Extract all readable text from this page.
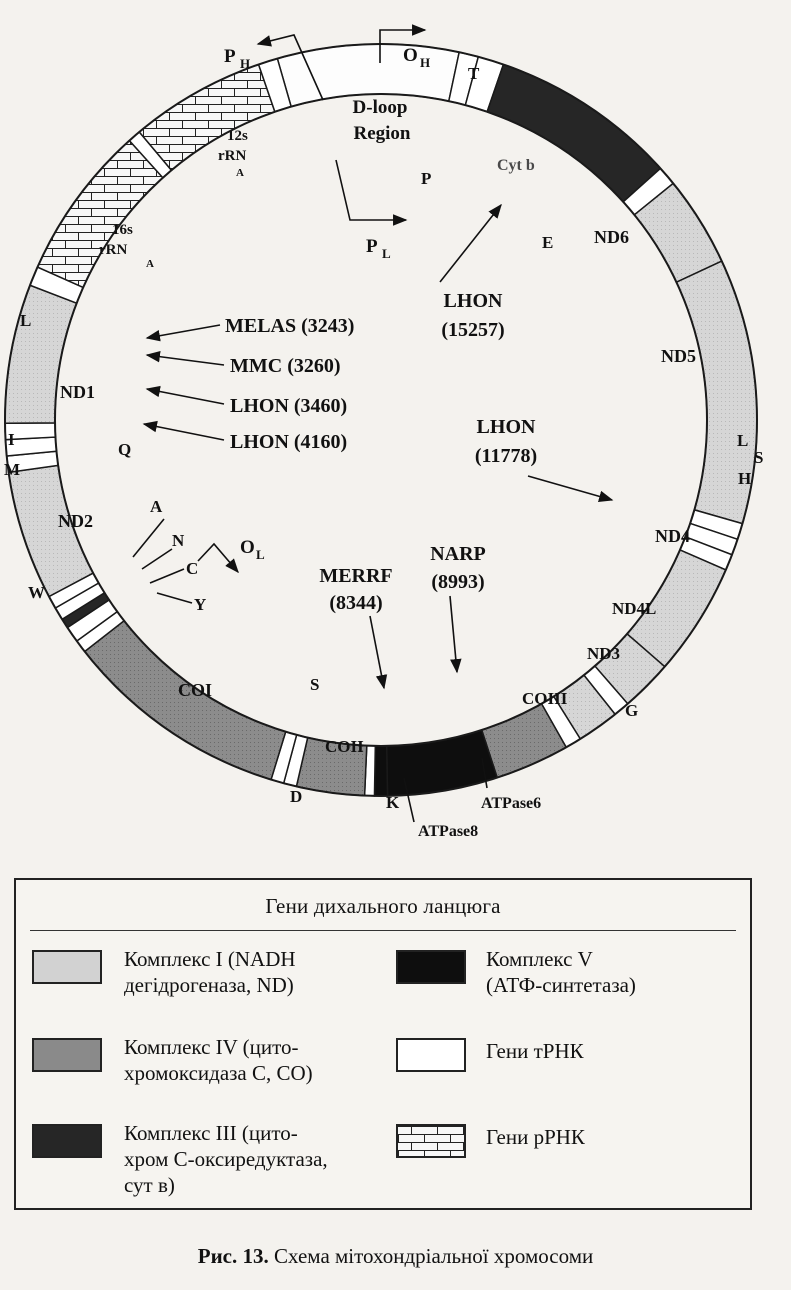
D-loop
Region
P H	O H
P L
O L
T
P
E
12s
rRN
A
16s
rRN
A
Cyt b
ND6
ND5
ND4
ND4L
ND3
ND1
ND2
COI
COII
COIII
L
L
S
H
I
M
Q
W
A
N
C
Y
S
D	K
G
ATPase6
ATPase8
MELAS (3243)
MMC (3260)
LHON (3460)
LHON (4160)
LHON
(15257)
LHON
(11778)
MERRF
(8344)
NARP
(8993)
Гени дихального ланцюга
Комплекс I (NADH
дегідрогеназа, ND)
Комплекс V
(АТФ-синтетаза)
Комплекс IV (цито-
хромоксидаза С, СО)
Гени тРНК
Комплекс III (цито-
хром С-оксиредуктаза,
сут в)
Гени рРНК
Рис. 13. Схема мітохондріальної хромосоми
